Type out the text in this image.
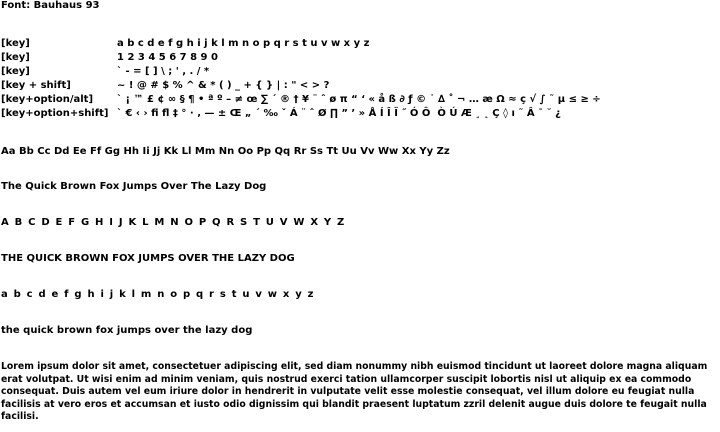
Font: Bauhaus 93
[key]	a b c d e f g h i j k l m n o p q r s t u v w x y z
[key]	1 2 3 4 5 6 7 8 9 0
[key]	` - = [ ] \ ; ' , . / *
[key + shift]	~ ! @ # $ % ^ & * ( ) _ + { } | : " < > ?
[key+option/alt] ` ¡ ™ £ ¢ ∞ § ¶ • ª º – ≠ œ ∑ ´ ® † ¥ ¨ ˆ ø π “ ‘ « å ß ∂ ƒ © ˙ ∆ ˚ ¬ … æ Ω ≈ ç √ ∫ ˜ µ ≤ ≥ ÷
[key+option+shift] ` € ‹ › ﬁ ﬂ ‡ ° · ‚ — ± Œ „ ´ ‰ ˇ Á ¨ ˆ Ø ∏ ” ’ » Å Í Î Ï ˝ Ó Ô  Ò Ú Æ ¸ ˛ Ç ◊ ı ˜ Â ¯ ˘ ¿
Aa Bb Cc Dd Ee Ff Gg Hh Ii Jj Kk Ll Mm Nn Oo Pp Qq Rr Ss Tt Uu Vv Ww Xx Yy Zz
The Quick Brown Fox Jumps Over The Lazy Dog
A B C D E F G H I J K L M N O P Q R S T U V W X Y Z
THE QUICK BROWN FOX JUMPS OVER THE LAZY DOG
a b c d e f g h i j k l m n o p q r s t u v w x y z
the quick brown fox jumps over the lazy dog
Lorem ipsum dolor sit amet, consectetuer adipiscing elit, sed diam nonummy nibh euismod tincidunt ut laoreet dolore magna aliquam erat volutpat. Ut wisi enim ad minim veniam, quis nostrud exerci tation ullamcorper suscipit lobortis nisl ut aliquip ex ea commodo consequat. Duis autem vel eum iriure dolor in hendrerit in vulputate velit esse molestie consequat, vel illum dolore eu feugiat nulla facilisis at vero eros et accumsan et iusto odio dignissim qui blandit praesent luptatum zzril delenit augue duis dolore te feugait nulla facilisi.
